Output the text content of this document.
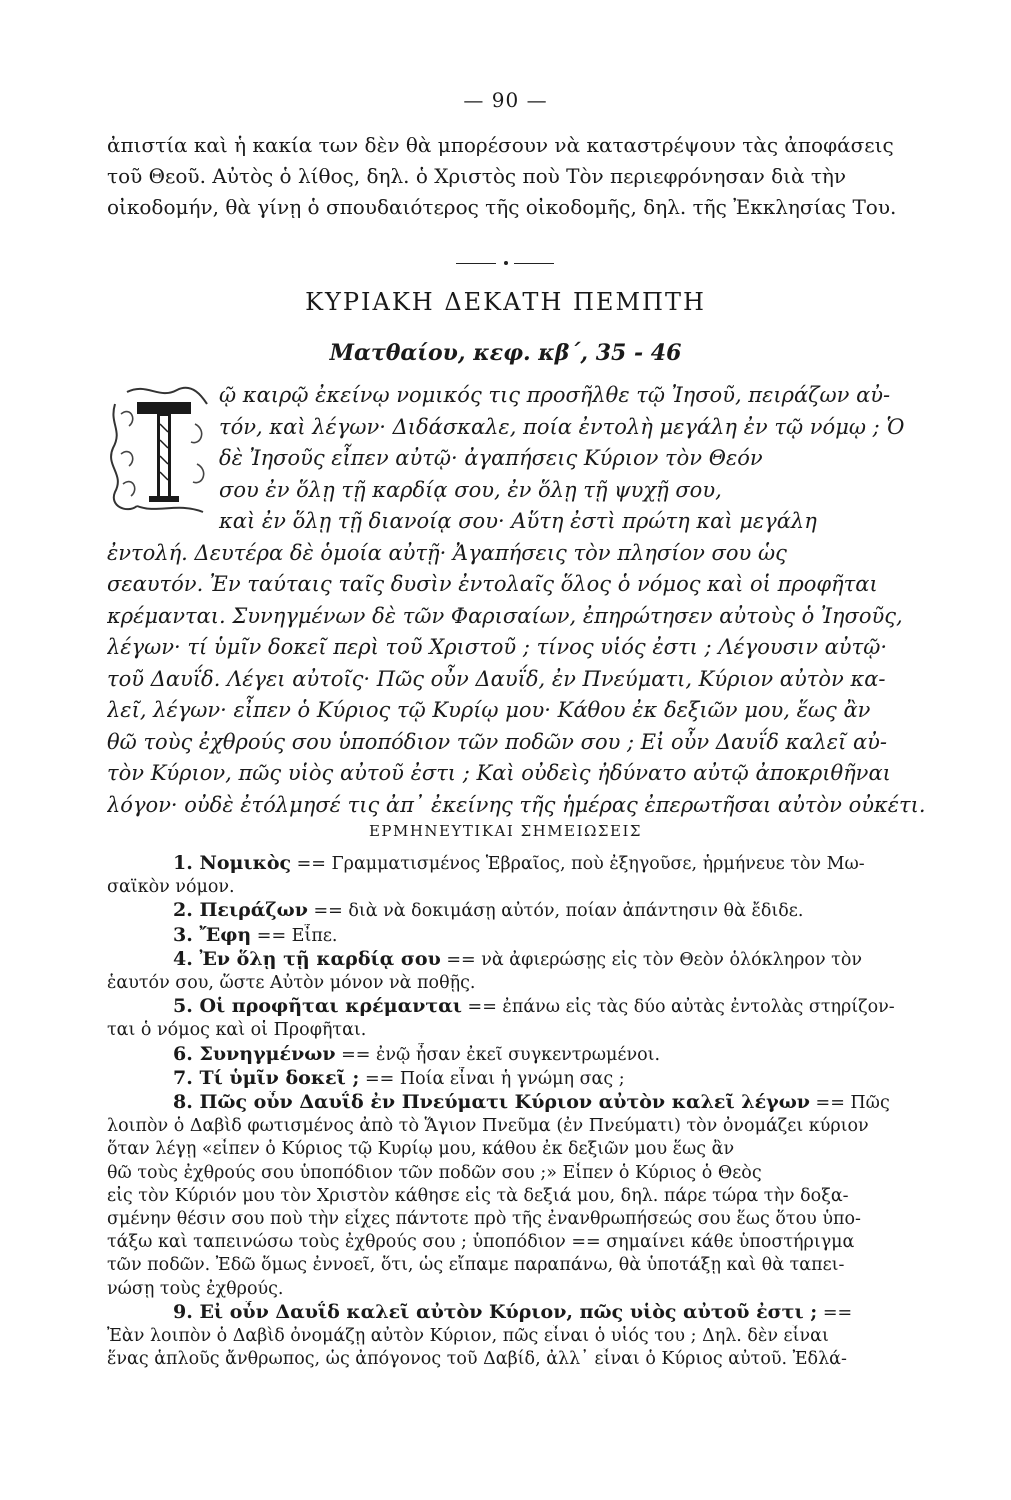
— 90 —
ἀπιστία καὶ ἡ κακία των δὲν θὰ μπορέσουν νὰ καταστρέψουν τὰς ἀποφάσεις
τοῦ Θεοῦ. Αὐτὸς ὁ λίθος, δηλ. ὁ Χριστὸς ποὺ Τὸν περιεφρόνησαν διὰ τὴν
οἰκοδομήν, θὰ γίνῃ ὁ σπουδαιότερος τῆς οἰκοδομῆς, δηλ. τῆς Ἐκκλησίας Του.
ΚΥΡΙΑΚΗ ΔΕΚΑΤΗ ΠΕΜΠΤΗ
Ματθαίου, κεφ. κβ΄, 35 - 46
Τ	ῷ καιρῷ ἐκείνῳ νομικός τις προσῆλθε τῷ Ἰησοῦ, πειράζων αὐ-
τόν, καὶ λέγων· Διδάσκαλε, ποία ἐντολὴ μεγάλη ἐν τῷ νόμῳ ; Ὁ
δὲ Ἰησοῦς εἶπεν αὐτῷ· ἀγαπήσεις Κύριον τὸν Θεόν
σου ἐν ὅλῃ τῇ καρδίᾳ σου, ἐν ὅλῃ τῇ ψυχῇ σου,
καὶ ἐν ὅλῃ τῇ διανοίᾳ σου· Αὕτη ἐστὶ πρώτη καὶ μεγάλη
ἐντολή. Δευτέρα δὲ ὁμοία αὐτῇ· Ἀγαπήσεις τὸν πλησίον σου ὡς
σεαυτόν. Ἐν ταύταις ταῖς δυσὶν ἐντολαῖς ὅλος ὁ νόμος καὶ οἱ προφῆται
κρέμανται. Συνηγμένων δὲ τῶν Φαρισαίων, ἐπηρώτησεν αὐτοὺς ὁ Ἰησοῦς,
λέγων· τί ὑμῖν δοκεῖ περὶ τοῦ Χριστοῦ ; τίνος υἱός ἐστι ; Λέγουσιν αὐτῷ·
τοῦ Δαυΐδ. Λέγει αὐτοῖς· Πῶς οὖν Δαυΐδ, ἐν Πνεύματι, Κύριον αὐτὸν κα-
λεῖ, λέγων· εἶπεν ὁ Κύριος τῷ Κυρίῳ μου· Κάθου ἐκ δεξιῶν μου, ἕως ἂν
θῶ τοὺς ἐχθρούς σου ὑποπόδιον τῶν ποδῶν σου ; Εἰ οὖν Δαυΐδ καλεῖ αὐ-
τὸν Κύριον, πῶς υἱὸς αὐτοῦ ἐστι ; Καὶ οὐδεὶς ἠδύνατο αὐτῷ ἀποκριθῆναι
λόγον· οὐδὲ ἐτόλμησέ τις ἀπ᾽ ἐκείνης τῆς ἡμέρας ἐπερωτῆσαι αὐτὸν οὐκέτι.
ΕΡΜΗΝΕΥΤΙΚΑΙ ΣΗΜΕΙΩΣΕΙΣ
1. Νομικὸς == Γραμματισμένος Ἑβραῖος, ποὺ ἐξηγοῦσε, ἡρμήνευε τὸν Μω-
σαϊκὸν νόμον.
2. Πειράζων == διὰ νὰ δοκιμάσῃ αὐτόν, ποίαν ἀπάντησιν θὰ ἔδιδε.
3. Ἔφη == Εἶπε.
4. Ἐν ὅλῃ τῇ καρδίᾳ σου == νὰ ἀφιερώσῃς εἰς τὸν Θεὸν ὁλόκληρον τὸν
ἑαυτόν σου, ὥστε Αὐτὸν μόνον νὰ ποθῇς.
5. Οἱ προφῆται κρέμανται == ἐπάνω εἰς τὰς δύο αὐτὰς ἐντολὰς στηρίζον-
ται ὁ νόμος καὶ οἱ Προφῆται.
6. Συνηγμένων == ἐνῷ ἦσαν ἐκεῖ συγκεντρωμένοι.
7. Τί ὑμῖν δοκεῖ ; == Ποία εἶναι ἡ γνώμη σας ;
8. Πῶς οὖν Δαυΐδ ἐν Πνεύματι Κύριον αὐτὸν καλεῖ λέγων == Πῶς
λοιπὸν ὁ Δαβὶδ φωτισμένος ἀπὸ τὸ Ἅγιον Πνεῦμα (ἐν Πνεύματι) τὸν ὀνομάζει κύριον
ὅταν λέγῃ «εἶπεν ὁ Κύριος τῷ Κυρίῳ μου, κάθου ἐκ δεξιῶν μου ἕως ἂν
θῶ τοὺς ἐχθρούς σου ὑποπόδιον τῶν ποδῶν σου ;» Εἶπεν ὁ Κύριος ὁ Θεὸς
εἰς τὸν Κύριόν μου τὸν Χριστὸν κάθησε εἰς τὰ δεξιά μου, δηλ. πάρε τώρα τὴν δοξα-
σμένην θέσιν σου ποὺ τὴν εἶχες πάντοτε πρὸ τῆς ἐνανθρωπήσεώς σου ἕως ὅτου ὑπο-
τάξω καὶ ταπεινώσω τοὺς ἐχθρούς σου ; ὑποπόδιον == σημαίνει κάθε ὑποστήριγμα
τῶν ποδῶν. Ἐδῶ ὅμως ἐννοεῖ, ὅτι, ὡς εἴπαμε παραπάνω, θὰ ὑποτάξῃ καὶ θὰ ταπει-
νώσῃ τοὺς ἐχθρούς.
9. Εἰ οὖν Δαυΐδ καλεῖ αὐτὸν Κύριον, πῶς υἱὸς αὐτοῦ ἐστι ; ==
Ἐὰν λοιπὸν ὁ Δαβὶδ ὀνομάζῃ αὐτὸν Κύριον, πῶς εἶναι ὁ υἱός του ; Δηλ. δὲν εἶναι
ἕνας ἁπλοῦς ἄνθρωπος, ὡς ἀπόγονος τοῦ Δαβίδ, ἀλλ᾽ εἶναι ὁ Κύριος αὐτοῦ. Ἐδλά-
